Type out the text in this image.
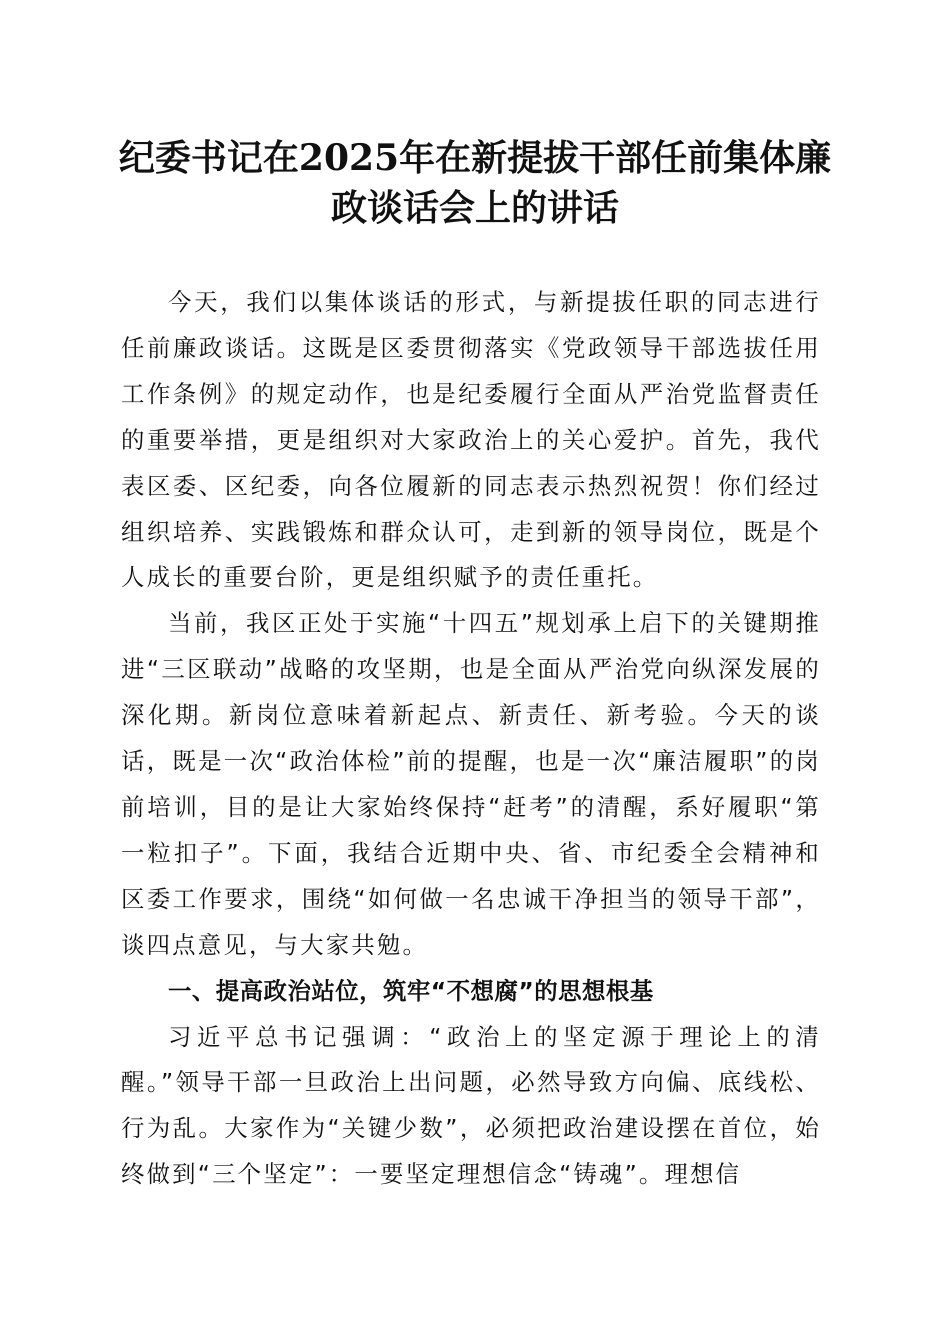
纪委书记在2025年在新提拔干部任前集体廉
政谈话会上的讲话

今天，我们以集体谈话的形式，与新提拔任职的同志进行任前廉政谈话。这既是区委贯彻落实《党政领导干部选拔任用工作条例》的规定动作，也是纪委履行全面从严治党监督责任的重要举措，更是组织对大家政治上的关心爱护。首先，我代表区委、区纪委，向各位履新的同志表示热烈祝贺！你们经过组织培养、实践锻炼和群众认可，走到新的领导岗位，既是个人成长的重要台阶，更是组织赋予的责任重托。

当前，我区正处于实施“十四五”规划承上启下的关键期推进“三区联动”战略的攻坚期，也是全面从严治党向纵深发展的深化期。新岗位意味着新起点、新责任、新考验。今天的谈话，既是一次“政治体检”前的提醒，也是一次“廉洁履职”的岗前培训，目的是让大家始终保持“赶考”的清醒，系好履职“第一粒扣子”。下面，我结合近期中央、省、市纪委全会精神和区委工作要求，围绕“如何做一名忠诚干净担当的领导干部”，谈四点意见，与大家共勉。

一、提高政治站位，筑牢“不想腐”的思想根基

习近平总书记强调：“政治上的坚定源于理论上的清醒。”领导干部一旦政治上出问题，必然导致方向偏、底线松、行为乱。大家作为“关键少数”，必须把政治建设摆在首位，始终做到“三个坚定”：一要坚定理想信念“铸魂”。理想信
